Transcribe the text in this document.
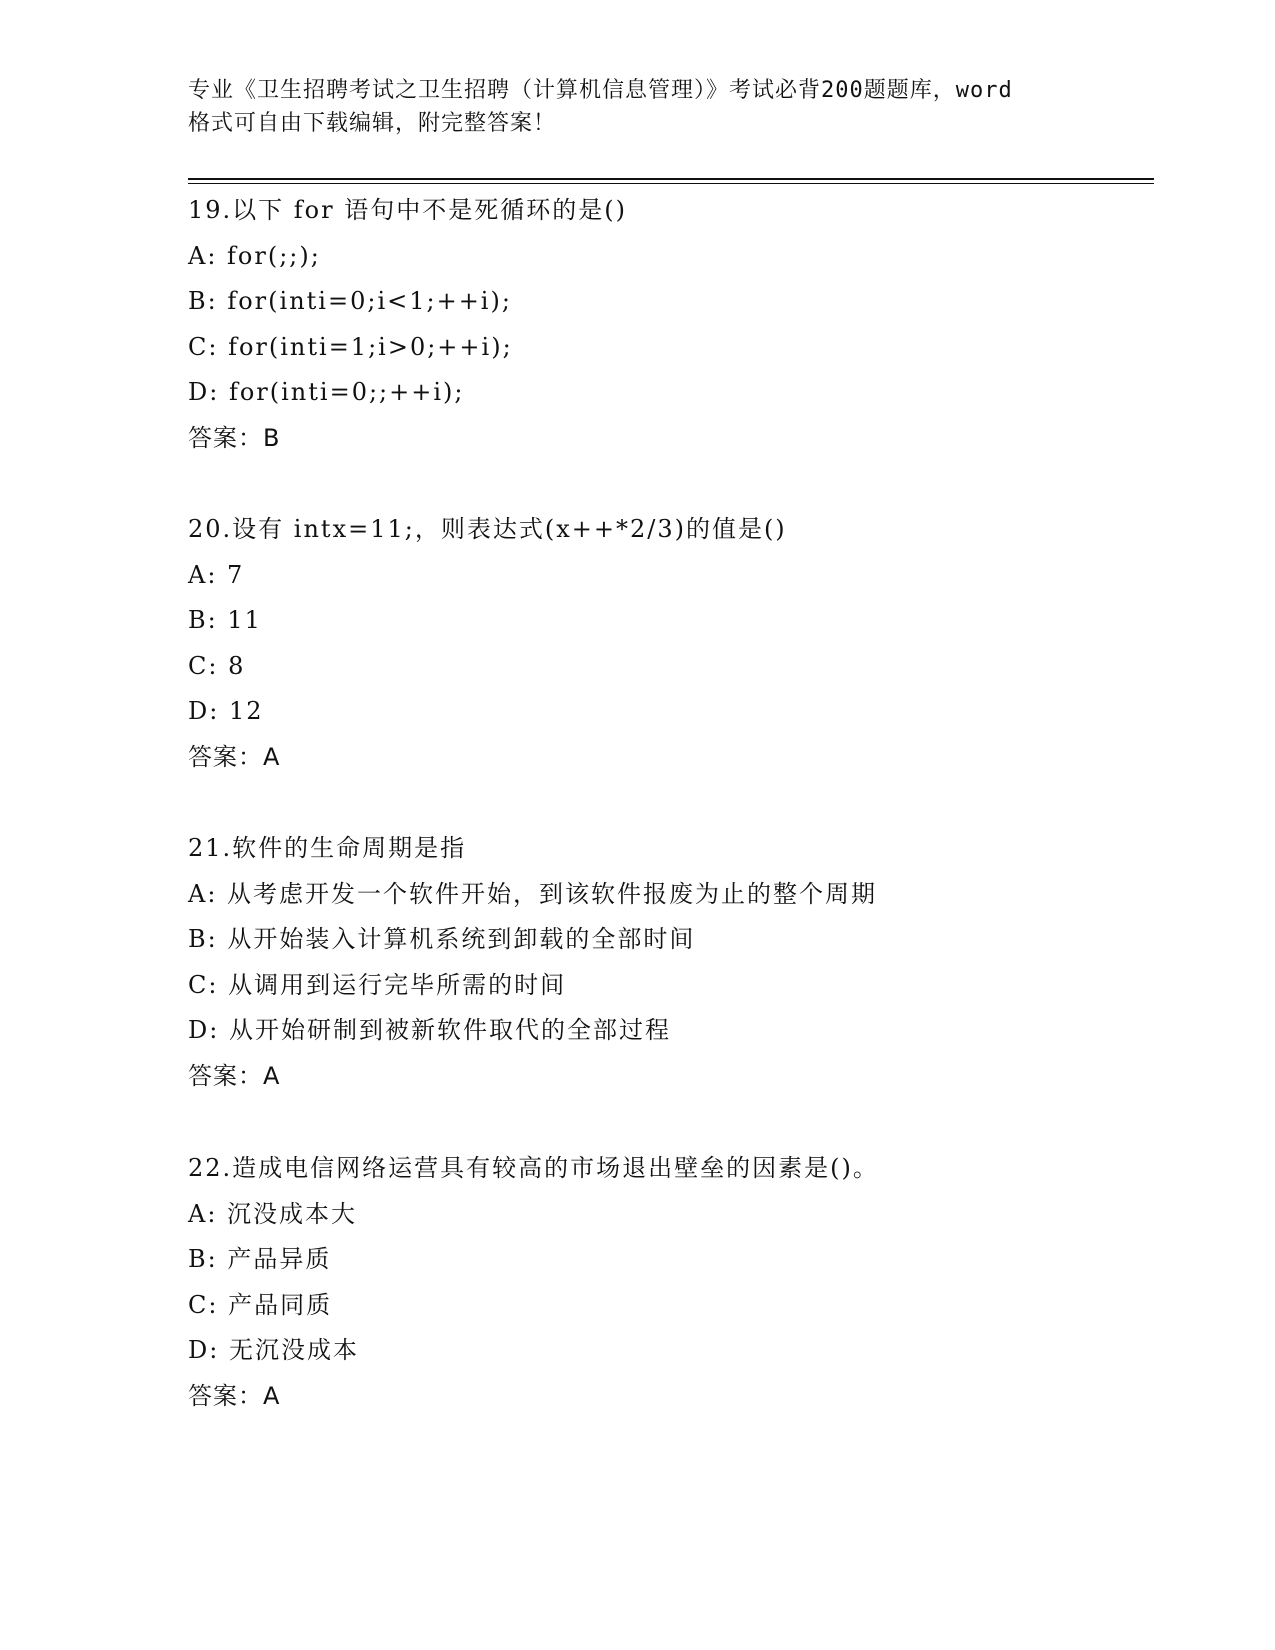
专业《卫生招聘考试之卫生招聘（计算机信息管理）》考试必背200题题库，word

格式可自由下载编辑，附完整答案！

19.以下 for 语句中不是死循环的是()
A: for(;;);
B: for(inti=0;i<1;++i);
C: for(inti=1;i>0;++i);
D: for(inti=0;;++i);
答案：B
20.设有 intx=11;，则表达式(x++*2/3)的值是()
A: 7
B: 11
C: 8
D: 12
答案：A
21.软件的生命周期是指
A: 从考虑开发一个软件开始，到该软件报废为止的整个周期
B: 从开始装入计算机系统到卸载的全部时间
C: 从调用到运行完毕所需的时间
D: 从开始研制到被新软件取代的全部过程
答案：A
22.造成电信网络运营具有较高的市场退出壁垒的因素是()。
A: 沉没成本大
B: 产品异质
C: 产品同质
D: 无沉没成本
答案：A
